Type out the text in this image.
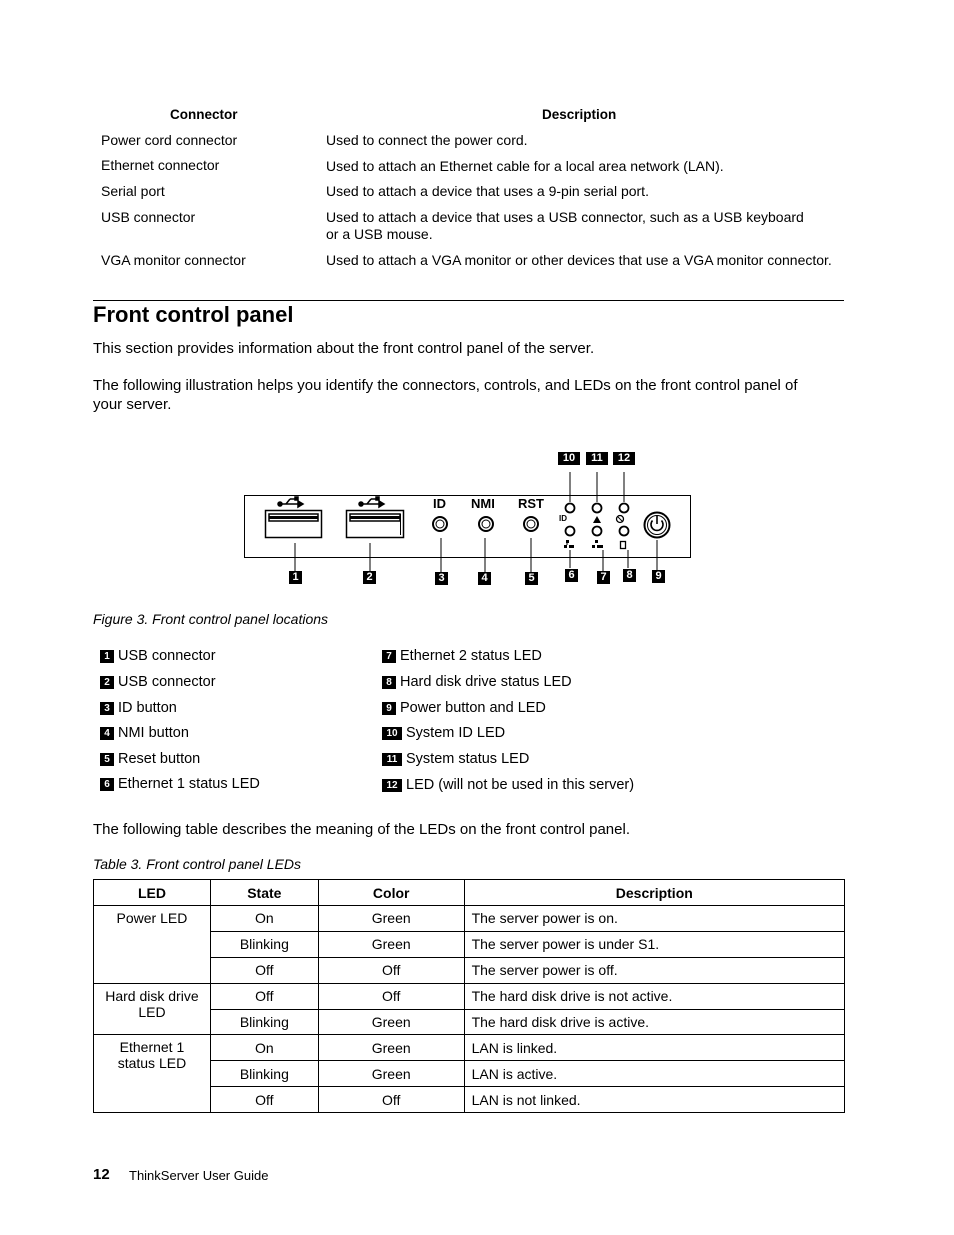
Connector	Description
Power cord connector	Used to connect the power cord.
Ethernet connector	Used to attach an Ethernet cable for a local area network (LAN).
Serial port	Used to attach a device that uses a 9-pin serial port.
USB connector	Used to attach a device that uses a USB connector, such as a USB keyboard
or a USB mouse.
VGA monitor connector	Used to attach a VGA monitor or other devices that use a VGA monitor connector.
Front control panel
This section provides information about the front control panel of the server.
The following illustration helps you identify the connectors, controls, and LEDs on the front control panel of
your server.
ID NMI RST
ID
10	11	12
1	2	3	4	5	6	7	8	9
Figure 3. Front control panel locations
1 USB connector
2 USB connector
3 ID button
4 NMI button
5 Reset button
6 Ethernet 1 status LED
7 Ethernet 2 status LED
8 Hard disk drive status LED
9 Power button and LED
10 System ID LED
11 System status LED
12 LED (will not be used in this server)
The following table describes the meaning of the LEDs on the front control panel.
Table 3. Front control panel LEDs
LED	State	Color	Description

Power LED	On	Green	The server power is on.
	Blinking	Green	The server power is under S1.
	Off	Off	The server power is off.

Hard disk drive
LED	Off	Off	The hard disk drive is not active.
	Blinking	Green	The hard disk drive is active.

Ethernet 1
status LED	On	Green	LAN is linked.
	Blinking	Green	LAN is active.
	Off	Off	LAN is not linked.
12 ThinkServer User Guide
